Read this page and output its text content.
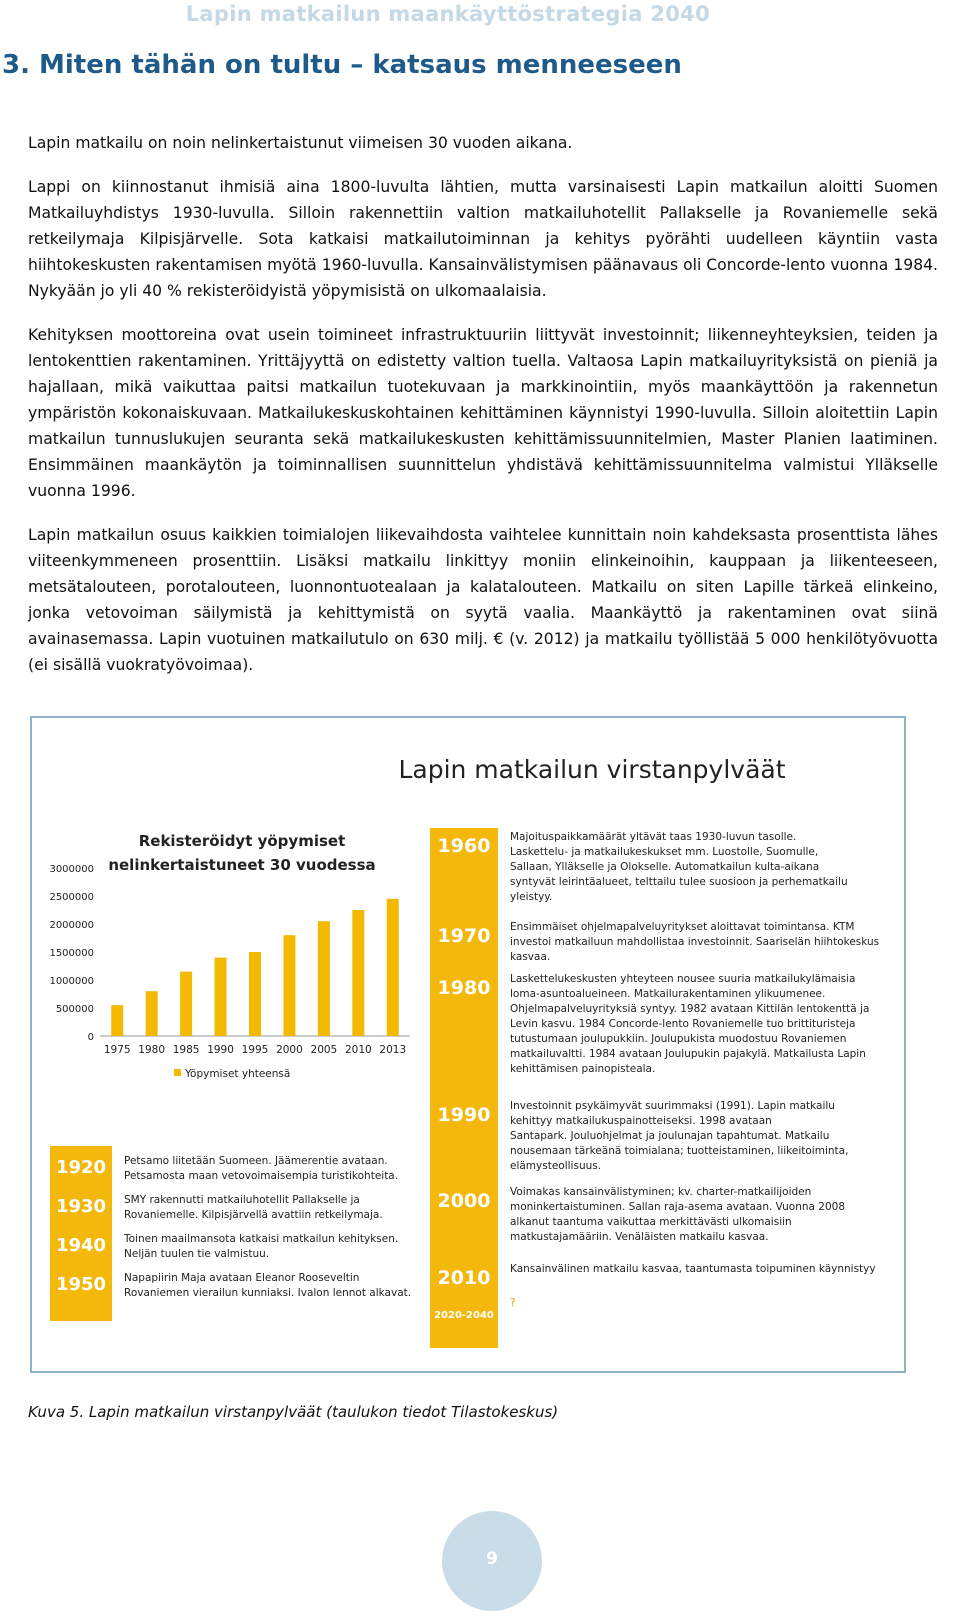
Lapin matkailun maankäyttöstrategia 2040
3. Miten tähän on tultu – katsaus menneeseen

Lapin matkailu on noin nelinkertaistunut viimeisen 30 vuoden aikana.

Lappi on kiinnostanut ihmisiä aina 1800-luvulta lähtien, mutta varsinaisesti Lapin matkailun aloitti Suomen Matkailuyhdistys 1930-luvulla. Silloin rakennettiin valtion matkailuhotellit Pallakselle ja Rovaniemelle sekä retkeilymaja Kilpisjärvelle. Sota katkaisi matkailutoiminnan ja kehitys pyörähti uudelleen käyntiin vasta hiihtokeskusten rakentamisen myötä 1960-luvulla. Kansainvälistymisen päänavaus oli Concorde-lento vuonna 1984. Nykyään jo yli 40 % rekisteröidyistä yöpymisistä on ulkomaalaisia.

Kehityksen moottoreina ovat usein toimineet infrastruktuuriin liittyvät investoinnit; liikenneyhteyksien, teiden ja lentokenttien rakentaminen. Yrittäjyyttä on edistetty valtion tuella. Valtaosa Lapin matkailuyrityksistä on pieniä ja hajallaan, mikä vaikuttaa paitsi matkailun tuotekuvaan ja markkinointiin, myös maankäyttöön ja rakennetun ympäristön kokonaiskuvaan. Matkailukeskuskohtainen kehittäminen käynnistyi 1990-luvulla. Silloin aloitettiin Lapin matkailun tunnuslukujen seuranta sekä matkailukeskusten kehittämissuunnitelmien, Master Planien laatiminen. Ensimmäinen maankäytön ja toiminnallisen suunnittelun yhdistävä kehittämissuunnitelma valmistui Ylläkselle vuonna 1996.

Lapin matkailun osuus kaikkien toimialojen liikevaihdosta vaihtelee kunnittain noin kahdeksasta prosenttista lähes viiteenkymmeneen prosenttiin. Lisäksi matkailu linkittyy moniin elinkeinoihin, kauppaan ja liikenteeseen, metsätalouteen, porotalouteen, luonnontuotealaan ja kalatalouteen. Matkailu on siten Lapille tärkeä elinkeino, jonka vetovoiman säilymistä ja kehittymistä on syytä vaalia. Maankäyttö ja rakentaminen ovat siinä avainasemassa. Lapin vuotuinen matkailutulo on 630 milj. € (v. 2012) ja matkailu työllistää 5 000 henkilötyövuotta (ei sisällä vuokratyövoimaa).

Lapin matkailun virstanpylväät
Rekisteröidyt yöpymiset
nelinkertaistuneet 30 vuodessa
0
500000
1000000
1500000
2000000
2500000
3000000
1975 1980 1985 1990 1995 2000 2005 2010 2013
Yöpymiset yhteensä
1920 Petsamo liitetään Suomeen. Jäämerentie avataan. Petsamosta maan vetovoimaisempia turistikohteita.
1930 SMY rakennutti matkailuhotellit Pallakselle ja Rovaniemelle. Kilpisjärvellä avattiin retkeilymaja.
1940 Toinen maailmansota katkaisi matkailun kehityksen. Neljän tuulen tie valmistuu.
1950 Napapiirin Maja avataan Eleanor Rooseveltin Rovaniemen vierailun kunniaksi. Ivalon lennot alkavat.
1960 Majoituspaikkamäärät yltävät taas 1930-luvun tasolle. Laskettelu- ja matkailukeskukset mm. Luostolle, Suomulle, Sallaan, Ylläkselle ja Olokselle. Automatkailun kulta-aikana syntyvät leirintäalueet, telttailu tulee suosioon ja perhematkailu yleistyy.
1970 Ensimmäiset ohjelmapalveluyritykset aloittavat toimintansa. KTM investoi matkailuun mahdollistaa investoinnit. Saariselän hiihtokeskus kasvaa.
1980 Laskettelukeskusten yhteyteen nousee suuria matkailukylämaisia loma-asuntoalueineen. Matkailurakentaminen ylikuumenee. Ohjelmapalveluyrityksiä syntyy. 1982 avataan Kittilän lentokenttä ja Levin kasvu. 1984 Concorde-lento Rovaniemelle tuo brittituristeja tutustumaan joulupukkiin. Joulupukista muodostuu Rovaniemen matkailuvaltti. 1984 avataan Joulupukin pajakylä. Matkailusta Lapin kehittämisen painopisteala.
1990 Investoinnit psykäimyvät suurimmaksi (1991). Lapin matkailu kehittyy matkailukuspainotteiseksi. 1998 avataan Santapark. Jouluohjelmat ja joulunajan tapahtumat. Matkailu nousemaan tärkeänä toimialana; tuotteistaminen, liikeitoiminta, elämysteollisuus.
2000 Voimakas kansainvälistyminen; kv. charter-matkailijoiden moninkertaistuminen. Sallan raja-asema avataan. Vuonna 2008 alkanut taantuma vaikuttaa merkittävästi ulkomaisiin matkustajamääriin. Venäläisten matkailu kasvaa.
2010 Kansainvälinen matkailu kasvaa, taantumasta toipuminen käynnistyy
2020-2040
?
Kuva 5. Lapin matkailun virstanpylväät (taulukon tiedot Tilastokeskus)
9
